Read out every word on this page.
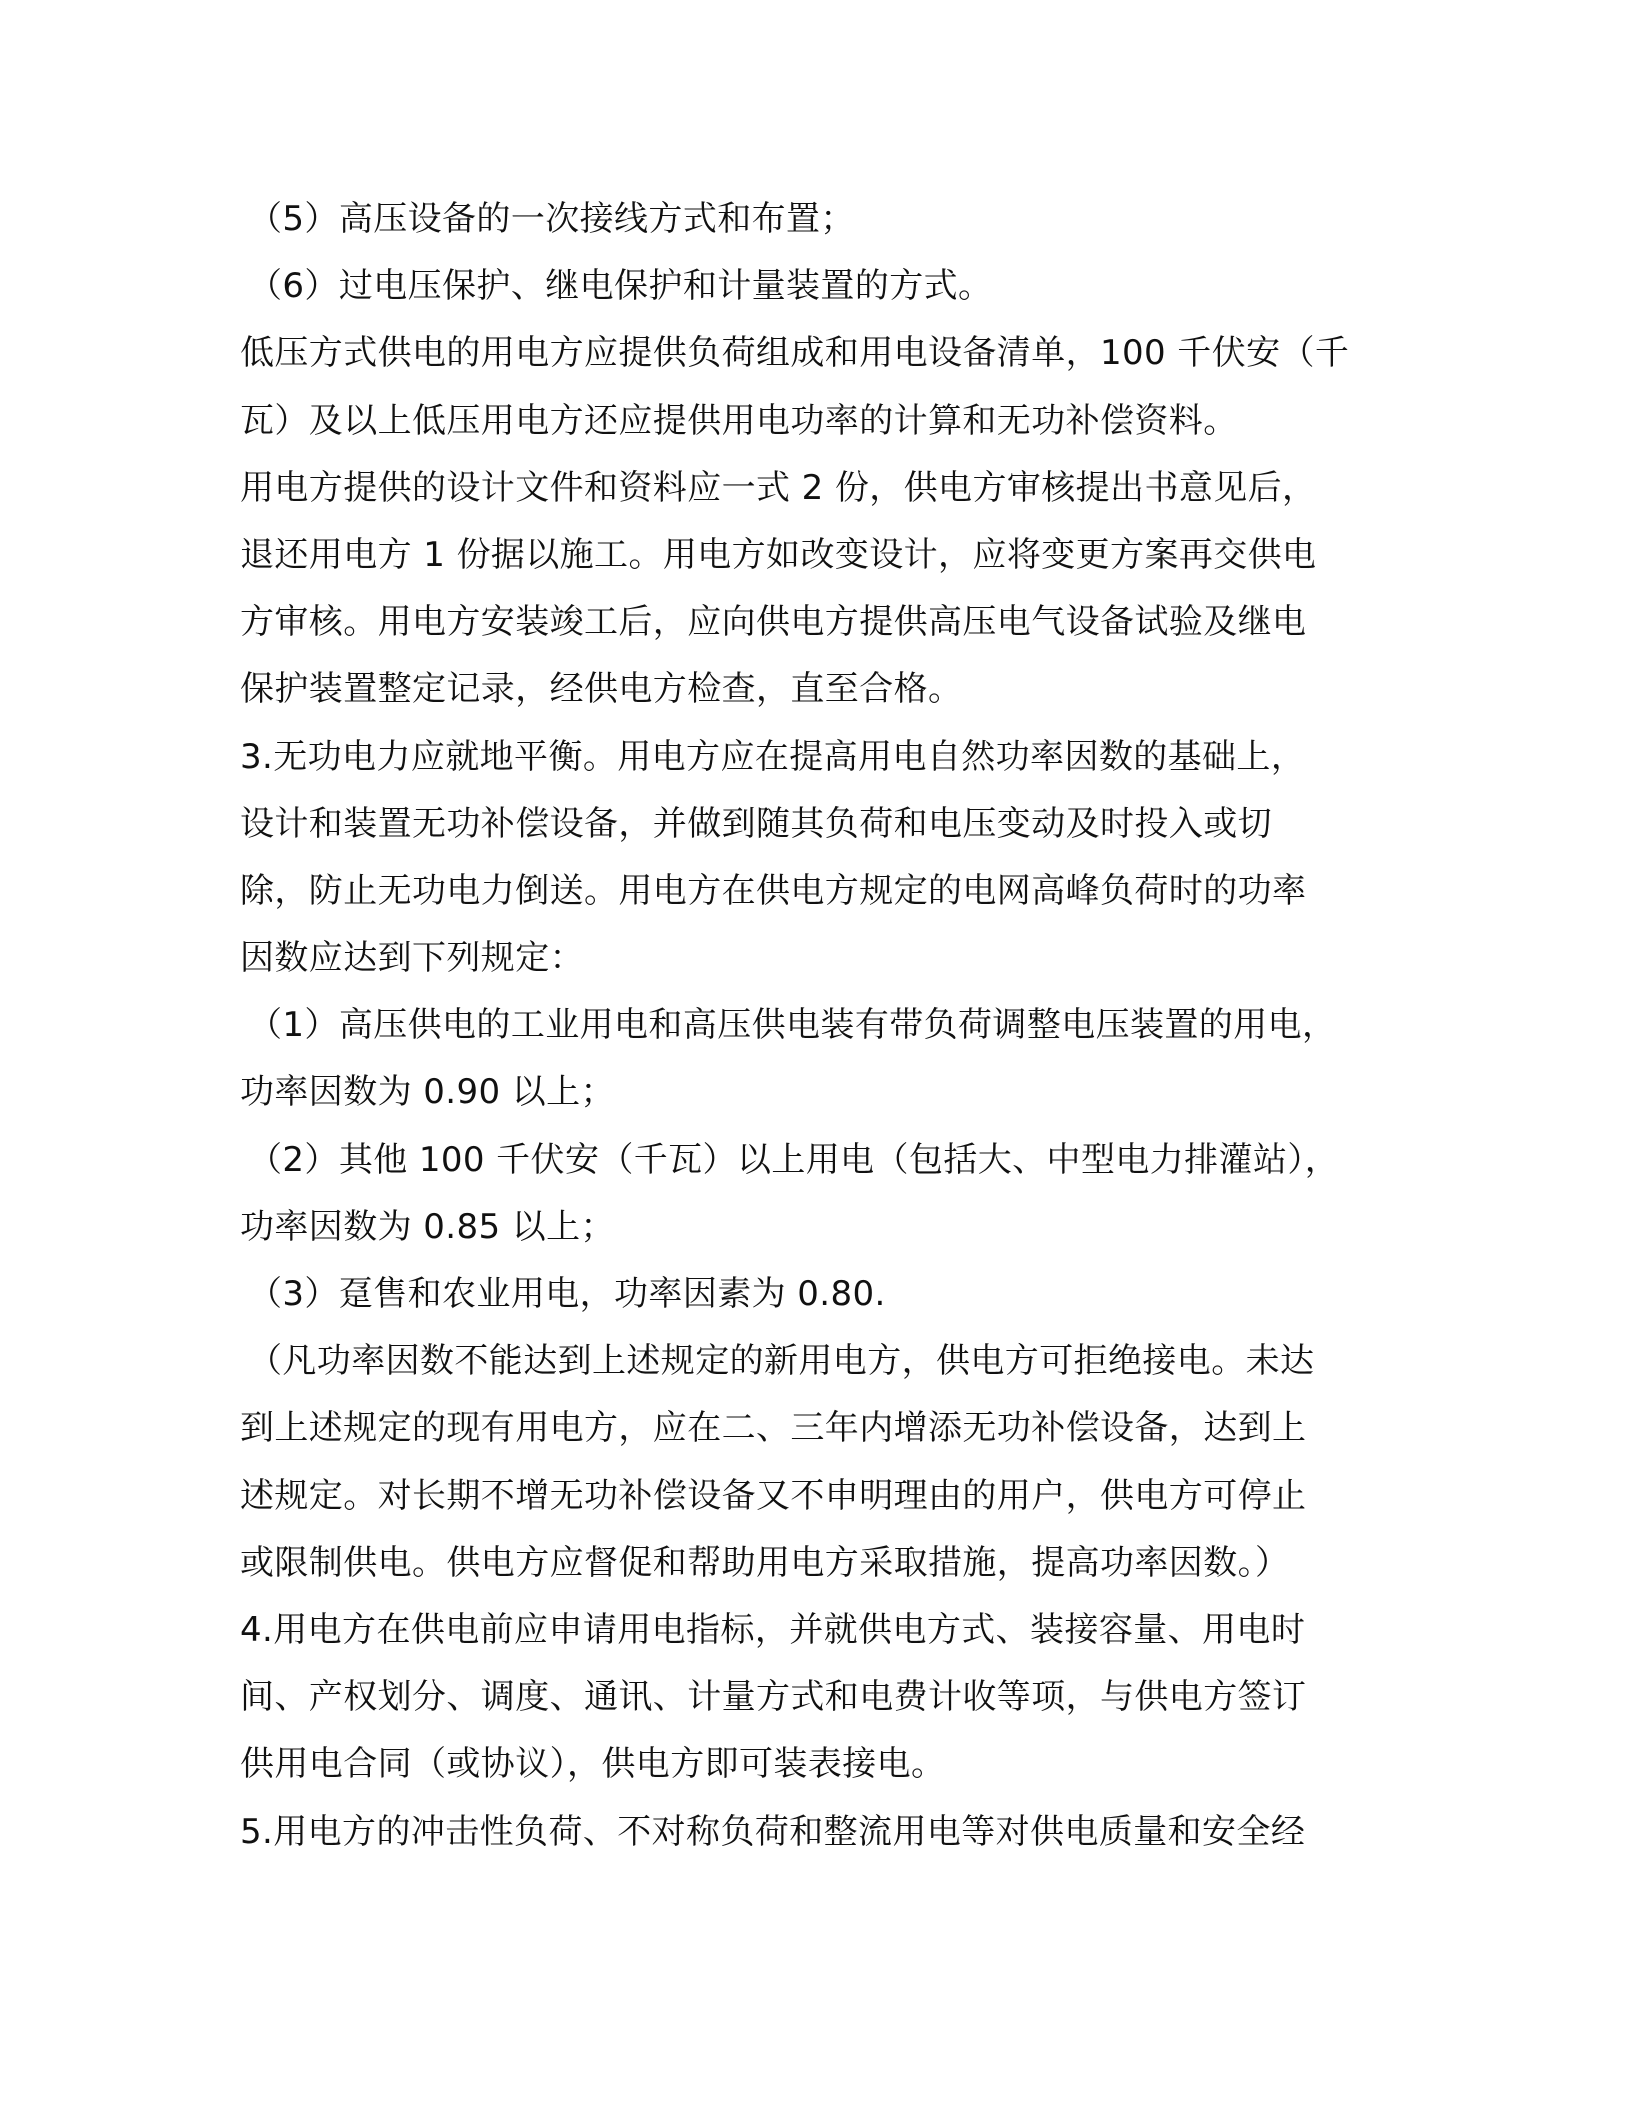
（5）高压设备的一次接线方式和布置；
（6）过电压保护、继电保护和计量装置的方式。
低压方式供电的用电方应提供负荷组成和用电设备清单，100 千伏安（千
瓦）及以上低压用电方还应提供用电功率的计算和无功补偿资料。
用电方提供的设计文件和资料应一式 2 份，供电方审核提出书意见后，
退还用电方 1 份据以施工。用电方如改变设计，应将变更方案再交供电
方审核。用电方安装竣工后，应向供电方提供高压电气设备试验及继电
保护装置整定记录，经供电方检查，直至合格。
3.无功电力应就地平衡。用电方应在提高用电自然功率因数的基础上，
设计和装置无功补偿设备，并做到随其负荷和电压变动及时投入或切
除，防止无功电力倒送。用电方在供电方规定的电网高峰负荷时的功率
因数应达到下列规定：
（1）高压供电的工业用电和高压供电装有带负荷调整电压装置的用电，
功率因数为 0.90 以上；
（2）其他 100 千伏安（千瓦）以上用电（包括大、中型电力排灌站），
功率因数为 0.85 以上；
（3）趸售和农业用电，功率因素为 0.80.
（凡功率因数不能达到上述规定的新用电方，供电方可拒绝接电。未达
到上述规定的现有用电方，应在二、三年内增添无功补偿设备，达到上
述规定。对长期不增无功补偿设备又不申明理由的用户，供电方可停止
或限制供电。供电方应督促和帮助用电方采取措施，提高功率因数。）
4.用电方在供电前应申请用电指标，并就供电方式、装接容量、用电时
间、产权划分、调度、通讯、计量方式和电费计收等项，与供电方签订
供用电合同（或协议），供电方即可装表接电。
5.用电方的冲击性负荷、不对称负荷和整流用电等对供电质量和安全经
